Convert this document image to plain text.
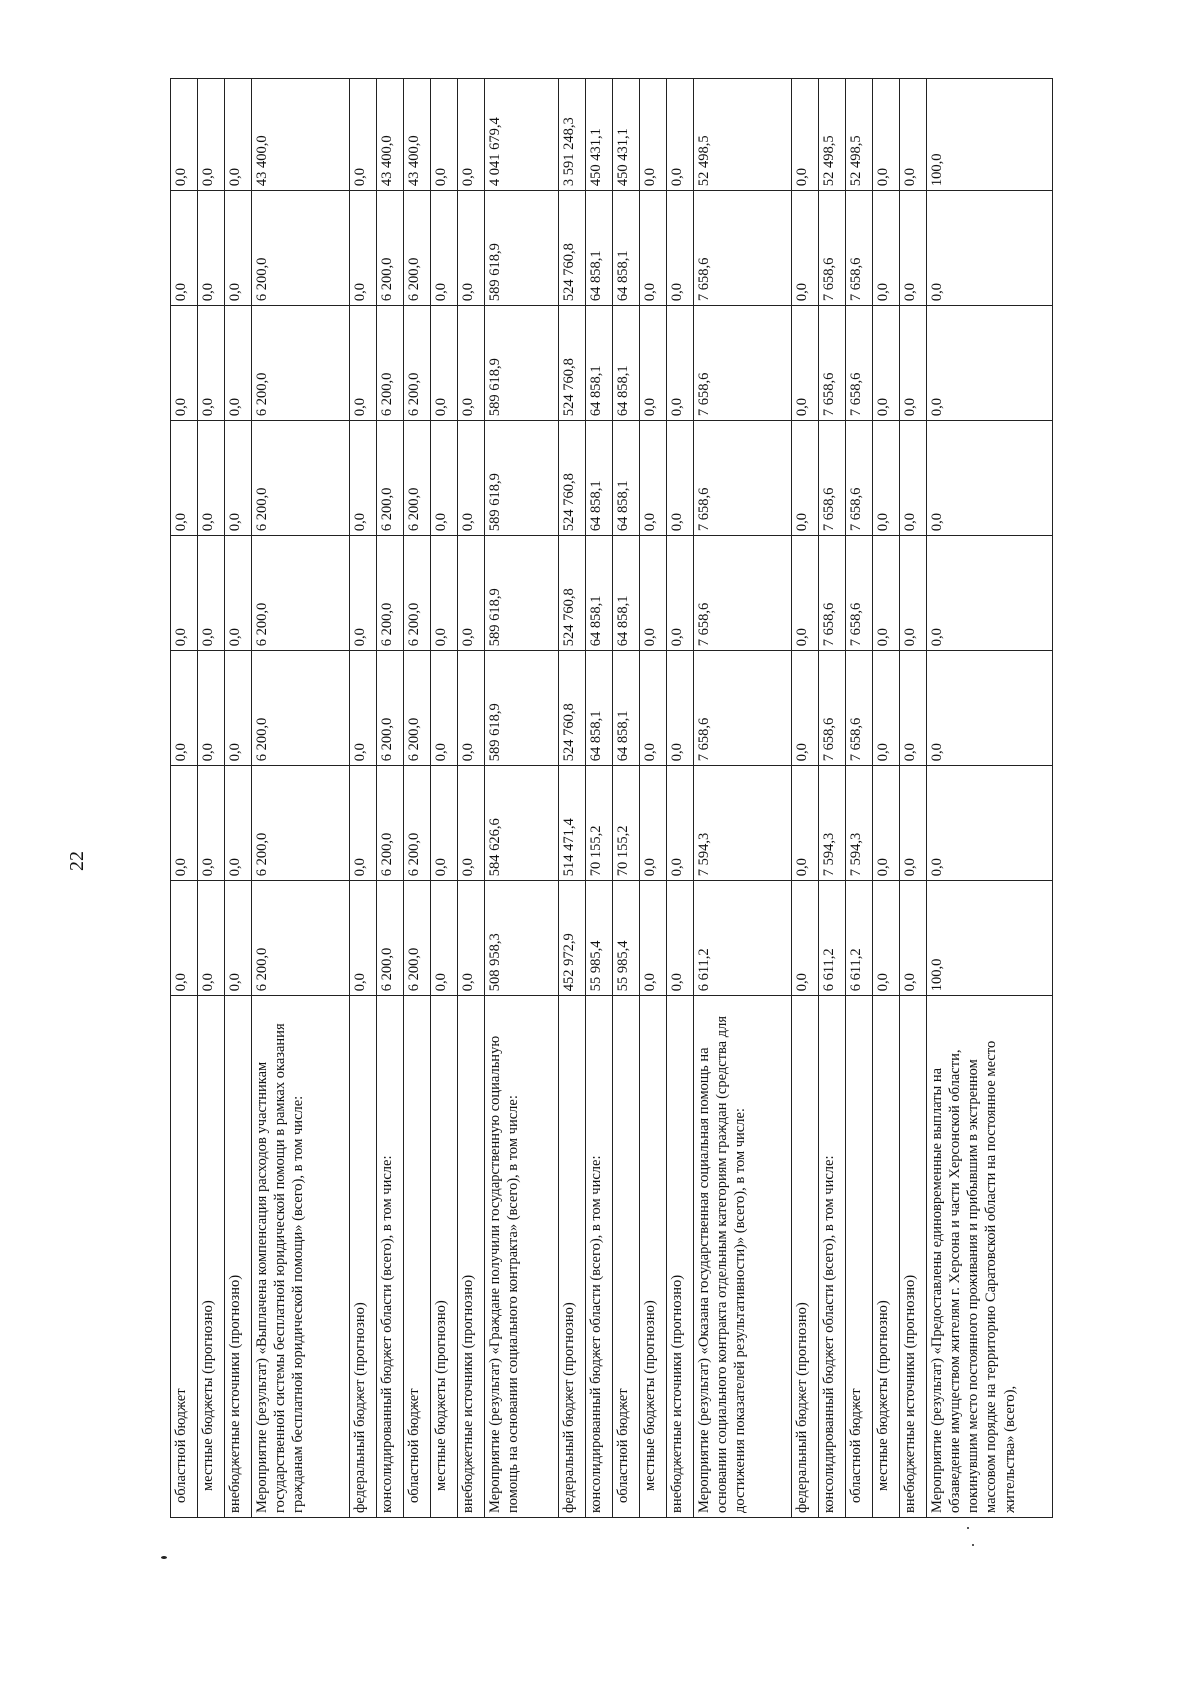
22
областной бюджет	0,0	0,0	0,0	0,0	0,0	0,0	0,0	0,0
местные бюджеты (прогнозно)	0,0	0,0	0,0	0,0	0,0	0,0	0,0	0,0
внебюджетные источники (прогнозно)	0,0	0,0	0,0	0,0	0,0	0,0	0,0	0,0
Мероприятие (результат) «Выплачена компенсация расходов участникам государственной системы бесплатной юридической помощи в рамках оказания гражданам бесплатной юридической помощи» (всего), в том числе:	6 200,0	6 200,0	6 200,0	6 200,0	6 200,0	6 200,0	6 200,0	43 400,0
федеральный бюджет (прогнозно)	0,0	0,0	0,0	0,0	0,0	0,0	0,0	0,0
консолидированный бюджет области (всего), в том числе:	6 200,0	6 200,0	6 200,0	6 200,0	6 200,0	6 200,0	6 200,0	43 400,0
областной бюджет	6 200,0	6 200,0	6 200,0	6 200,0	6 200,0	6 200,0	6 200,0	43 400,0
местные бюджеты (прогнозно)	0,0	0,0	0,0	0,0	0,0	0,0	0,0	0,0
внебюджетные источники (прогнозно)	0,0	0,0	0,0	0,0	0,0	0,0	0,0	0,0
Мероприятие (результат) «Граждане получили государственную социальную помощь на основании социального контракта» (всего), в том числе:	508 958,3	584 626,6	589 618,9	589 618,9	589 618,9	589 618,9	589 618,9	4 041 679,4
федеральный бюджет (прогнозно)	452 972,9	514 471,4	524 760,8	524 760,8	524 760,8	524 760,8	524 760,8	3 591 248,3
консолидированный бюджет области (всего), в том числе:	55 985,4	70 155,2	64 858,1	64 858,1	64 858,1	64 858,1	64 858,1	450 431,1
областной бюджет	55 985,4	70 155,2	64 858,1	64 858,1	64 858,1	64 858,1	64 858,1	450 431,1
местные бюджеты (прогнозно)	0,0	0,0	0,0	0,0	0,0	0,0	0,0	0,0
внебюджетные источники (прогнозно)	0,0	0,0	0,0	0,0	0,0	0,0	0,0	0,0
Мероприятие (результат) «Оказана государственная социальная помощь на основании социального контракта отдельным категориям граждан (средства для достижения показателей результативности)» (всего), в том числе:	6 611,2	7 594,3	7 658,6	7 658,6	7 658,6	7 658,6	7 658,6	52 498,5
федеральный бюджет (прогнозно)	0,0	0,0	0,0	0,0	0,0	0,0	0,0	0,0
консолидированный бюджет области (всего), в том числе:	6 611,2	7 594,3	7 658,6	7 658,6	7 658,6	7 658,6	7 658,6	52 498,5
областной бюджет	6 611,2	7 594,3	7 658,6	7 658,6	7 658,6	7 658,6	7 658,6	52 498,5
местные бюджеты (прогнозно)	0,0	0,0	0,0	0,0	0,0	0,0	0,0	0,0
внебюджетные источники (прогнозно)	0,0	0,0	0,0	0,0	0,0	0,0	0,0	0,0
Мероприятие (результат) «Предоставлены единовременные выплаты на обзаведение имуществом жителям г. Херсона и части Херсонской области, покинувшим место постоянного проживания и прибывшим в экстренном массовом порядке на территорию Саратовской области на постоянное место жительства» (всего),	100,0	0,0	0,0	0,0	0,0	0,0	0,0	100,0
